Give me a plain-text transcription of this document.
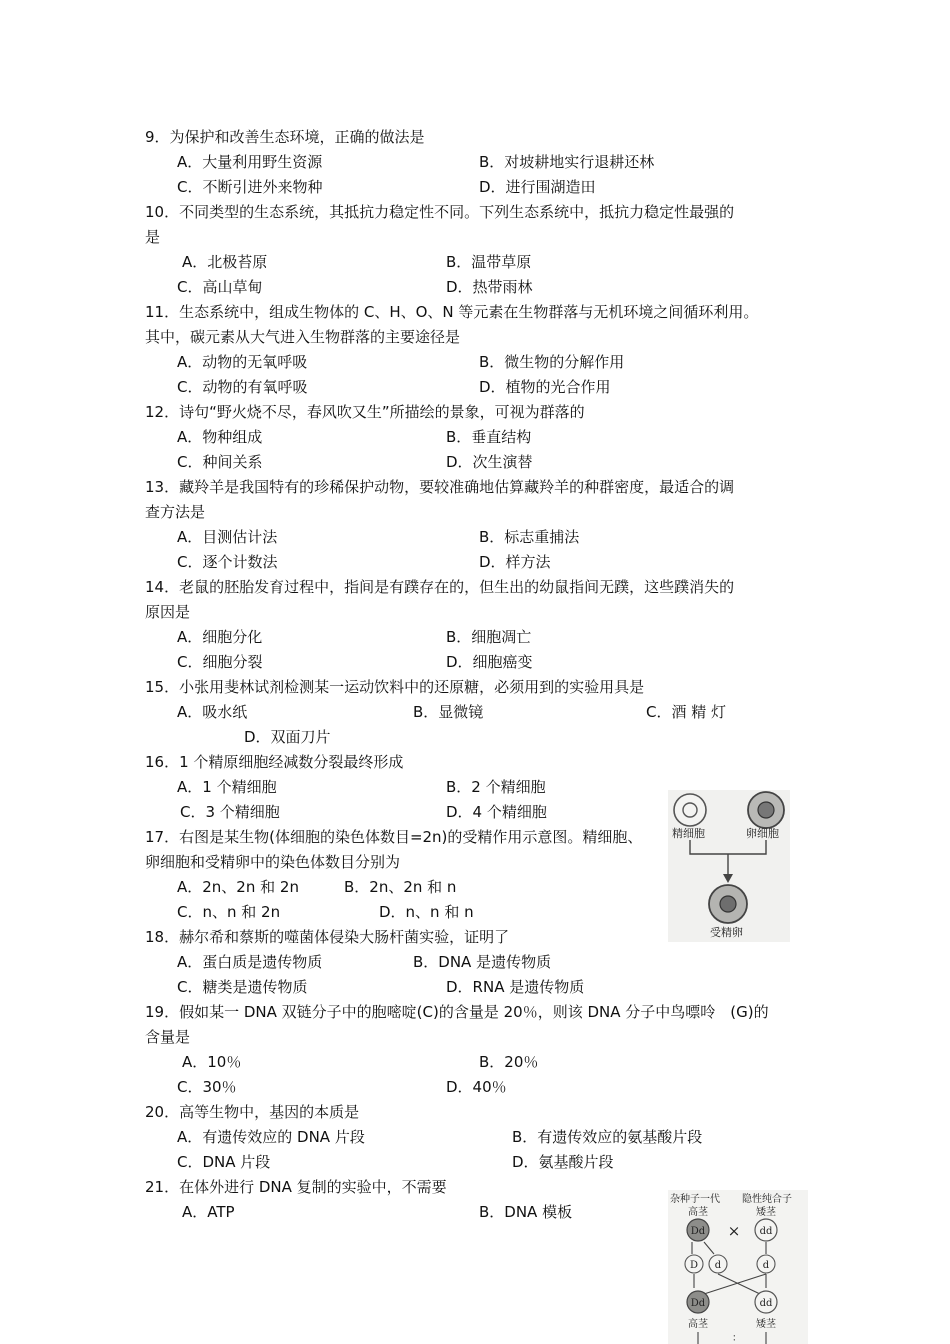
9．为保护和改善生态环境，正确的做法是
A．大量利用野生资源	B．对坡耕地实行退耕还林
C．不断引进外来物种	D．进行围湖造田
10．不同类型的生态系统，其抵抗力稳定性不同。下列生态系统中，抵抗力稳定性最强的
是
A．北极苔原	B．温带草原
C．高山草甸	D．热带雨林
11．生态系统中，组成生物体的 C、H、O、N 等元素在生物群落与无机环境之间循环利用。
其中，碳元素从大气进入生物群落的主要途径是
A．动物的无氧呼吸	B．微生物的分解作用
C．动物的有氧呼吸	D．植物的光合作用
12．诗句“野火烧不尽，春风吹又生”所描绘的景象，可视为群落的
A．物种组成	B．垂直结构
C．种间关系	D．次生演替
13．藏羚羊是我国特有的珍稀保护动物，要较准确地估算藏羚羊的种群密度，最适合的调
查方法是
A．目测估计法	B．标志重捕法
C．逐个计数法	D．样方法
14．老鼠的胚胎发育过程中，指间是有蹼存在的，但生出的幼鼠指间无蹼，这些蹼消失的
原因是
A．细胞分化	B．细胞凋亡
C．细胞分裂	D．细胞癌变
15．小张用斐林试剂检测某一运动饮料中的还原糖，必须用到的实验用具是
A．吸水纸	B．显微镜	C．酒 精 灯
D．双面刀片
16．1 个精原细胞经减数分裂最终形成
A．1 个精细胞	B．2 个精细胞
C．3 个精细胞	D．4 个精细胞
17．右图是某生物(体细胞的染色体数目=2n)的受精作用示意图。精细胞、
卵细胞和受精卵中的染色体数目分别为
A．2n、2n 和 2n	B．2n、2n 和 n
C．n、n 和 2n	D．n、n 和 n
18．赫尔希和蔡斯的噬菌体侵染大肠杆菌实验，证明了
A．蛋白质是遗传物质	B．DNA 是遗传物质
C．糖类是遗传物质	D．RNA 是遗传物质
19．假如某一 DNA 双链分子中的胞嘧啶(C)的含量是 20％，则该 DNA 分子中鸟嘌呤　(G)的
含量是
A．10％	B．20％
C．30％	D．40％
20．高等生物中，基因的本质是
A．有遗传效应的 DNA 片段	B．有遗传效应的氨基酸片段
C．DNA 片段	D．氨基酸片段
21．在体外进行 DNA 复制的实验中，不需要
A．ATP	B．DNA 模板
精细胞	卵细胞
受精卵
杂种子一代 隐性纯合子
高茎	矮茎
Dd × dd
D d	d
Dd	dd
高茎	矮茎
：
